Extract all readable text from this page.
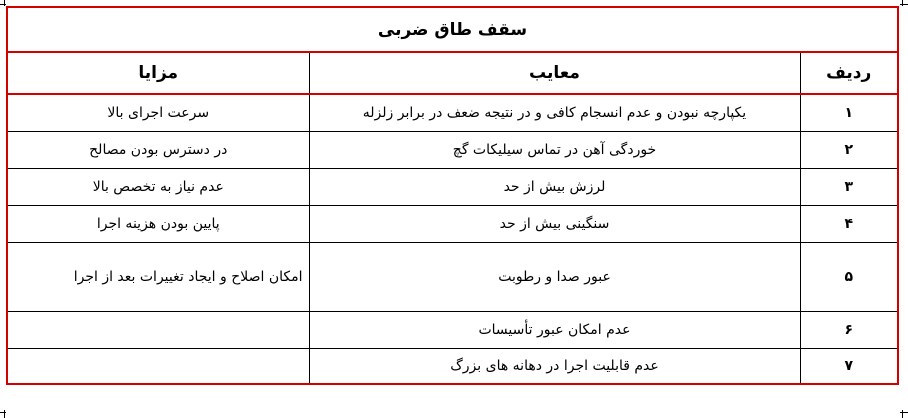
سقف طاق ضربی		
ردیف	معایب	مزایا
۱	یکپارچه نبودن و عدم انسجام کافی و در نتیجه ضعف در برابر زلزله	سرعت اجرای بالا
۲	خوردگی آهن در تماس سیلیکات گچ	در دسترس بودن مصالح
۳	لرزش بیش از حد	عدم نیاز به تخصص بالا
۴	سنگینی بیش از حد	پایین بودن هزینه اجرا
۵	عبور صدا و رطوبت	امکان اصلاح و ایجاد تغییرات بعد از اجرا
۶	عدم امکان عبور تأسیسات	
۷	عدم قابلیت اجرا در دهانه های بزرگ	
